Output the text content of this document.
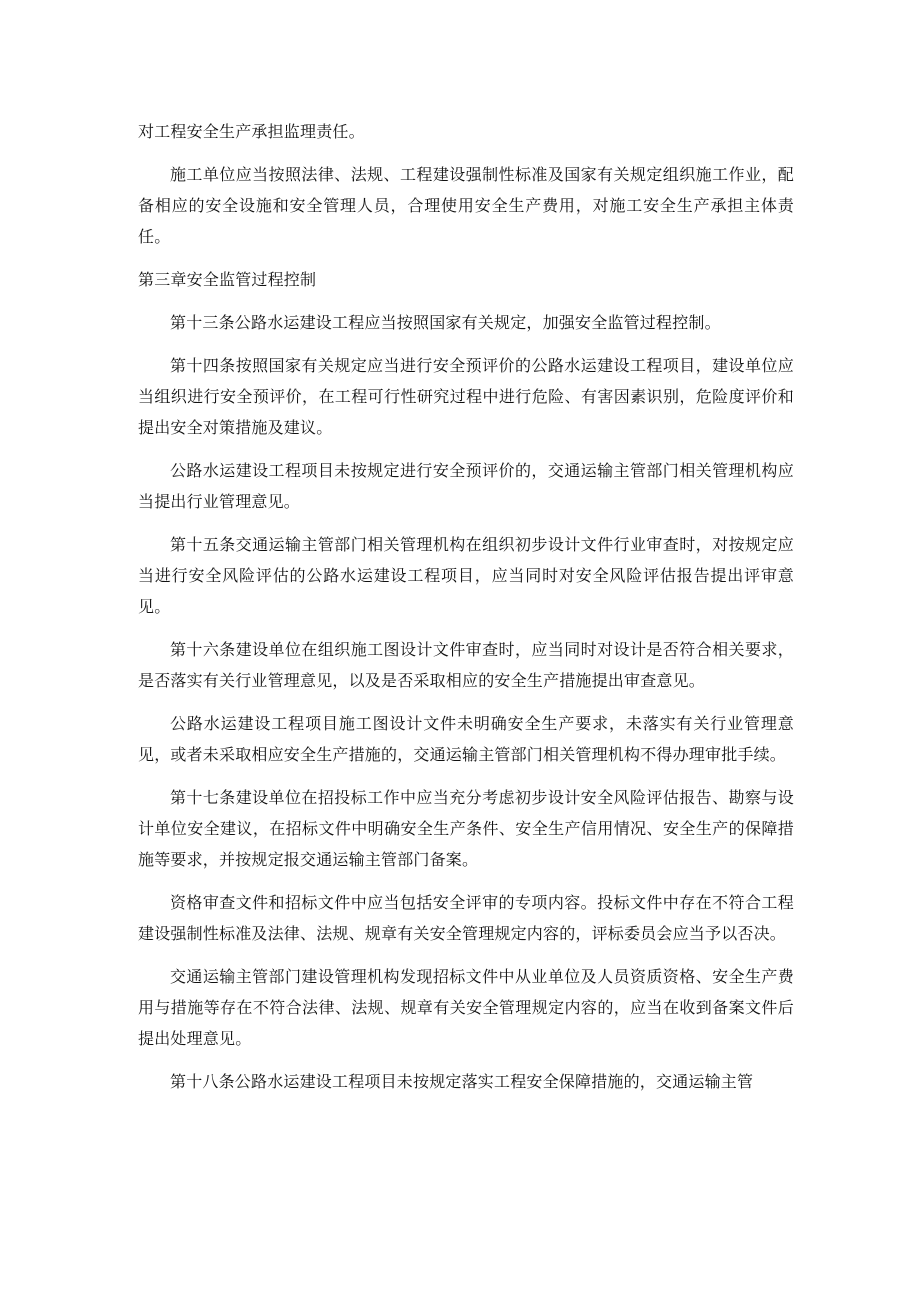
对工程安全生产承担监理责任。

施工单位应当按照法律、法规、工程建设强制性标准及国家有关规定组织施工作业，配备相应的安全设施和安全管理人员，合理使用安全生产费用，对施工安全生产承担主体责任。

第三章安全监管过程控制

第十三条公路水运建设工程应当按照国家有关规定，加强安全监管过程控制。

第十四条按照国家有关规定应当进行安全预评价的公路水运建设工程项目，建设单位应当组织进行安全预评价，在工程可行性研究过程中进行危险、有害因素识别，危险度评价和提出安全对策措施及建议。

公路水运建设工程项目未按规定进行安全预评价的，交通运输主管部门相关管理机构应当提出行业管理意见。

第十五条交通运输主管部门相关管理机构在组织初步设计文件行业审查时，对按规定应当进行安全风险评估的公路水运建设工程项目，应当同时对安全风险评估报告提出评审意见。

第十六条建设单位在组织施工图设计文件审查时，应当同时对设计是否符合相关要求，是否落实有关行业管理意见，以及是否采取相应的安全生产措施提出审查意见。

公路水运建设工程项目施工图设计文件未明确安全生产要求，未落实有关行业管理意见，或者未采取相应安全生产措施的，交通运输主管部门相关管理机构不得办理审批手续。

第十七条建设单位在招投标工作中应当充分考虑初步设计安全风险评估报告、勘察与设计单位安全建议，在招标文件中明确安全生产条件、安全生产信用情况、安全生产的保障措施等要求，并按规定报交通运输主管部门备案。

资格审查文件和招标文件中应当包括安全评审的专项内容。投标文件中存在不符合工程建设强制性标准及法律、法规、规章有关安全管理规定内容的，评标委员会应当予以否决。

交通运输主管部门建设管理机构发现招标文件中从业单位及人员资质资格、安全生产费用与措施等存在不符合法律、法规、规章有关安全管理规定内容的，应当在收到备案文件后提出处理意见。

第十八条公路水运建设工程项目未按规定落实工程安全保障措施的，交通运输主管
